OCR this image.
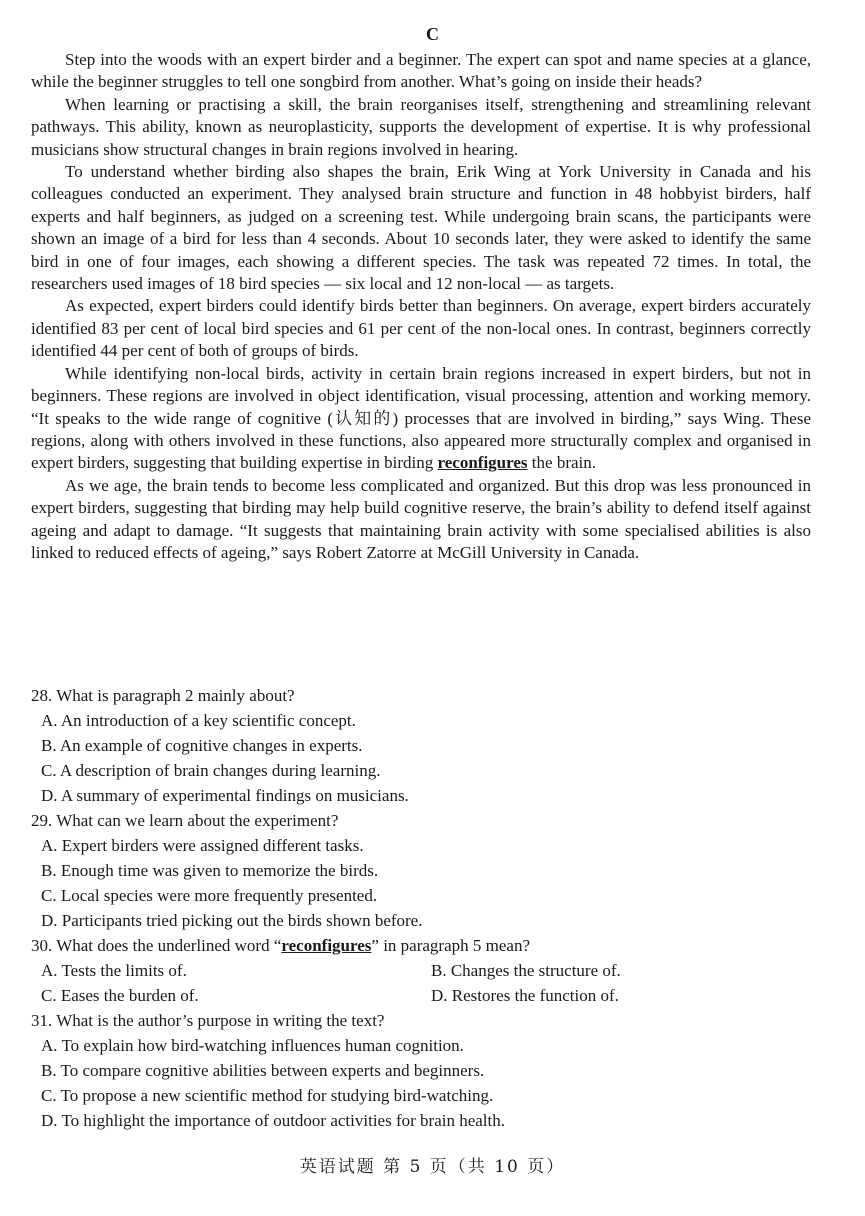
C

Step into the woods with an expert birder and a beginner. The expert can spot and name species at a glance, while the beginner struggles to tell one songbird from another. What’s going on inside their heads?

When learning or practising a skill, the brain reorganises itself, strengthening and streamlining relevant pathways. This ability, known as neuroplasticity, supports the development of expertise. It is why professional musicians show structural changes in brain regions involved in hearing.

To understand whether birding also shapes the brain, Erik Wing at York University in Canada and his colleagues conducted an experiment. They analysed brain structure and function in 48 hobbyist birders, half experts and half beginners, as judged on a screening test. While undergoing brain scans, the participants were shown an image of a bird for less than 4 seconds. About 10 seconds later, they were asked to identify the same bird in one of four images, each showing a different species. The task was repeated 72 times. In total, the researchers used images of 18 bird species — six local and 12 non-local — as targets.

As expected, expert birders could identify birds better than beginners. On average, expert birders accurately identified 83 per cent of local bird species and 61 per cent of the non-local ones. In contrast, beginners correctly identified 44 per cent of both of groups of birds.

While identifying non-local birds, activity in certain brain regions increased in expert birders, but not in beginners. These regions are involved in object identification, visual processing, attention and working memory. “It speaks to the wide range of cognitive (认知的) processes that are involved in birding,” says Wing. These regions, along with others involved in these functions, also appeared more structurally complex and organised in expert birders, suggesting that building expertise in birding reconfigures the brain.

As we age, the brain tends to become less complicated and organized. But this drop was less pronounced in expert birders, suggesting that birding may help build cognitive reserve, the brain’s ability to defend itself against ageing and adapt to damage. “It suggests that maintaining brain activity with some specialised abilities is also linked to reduced effects of ageing,” says Robert Zatorre at McGill University in Canada.

28. What is paragraph 2 mainly about?

A. An introduction of a key scientific concept.

B. An example of cognitive changes in experts.

C. A description of brain changes during learning.

D. A summary of experimental findings on musicians.

29. What can we learn about the experiment?

A. Expert birders were assigned different tasks.

B. Enough time was given to memorize the birds.

C. Local species were more frequently presented.

D. Participants tried picking out the birds shown before.

30. What does the underlined word “reconfigures” in paragraph 5 mean?

A. Tests the limits of.	B. Changes the structure of.

C. Eases the burden of.	D. Restores the function of.

31. What is the author’s purpose in writing the text?

A. To explain how bird-watching influences human cognition.

B. To compare cognitive abilities between experts and beginners.

C. To propose a new scientific method for studying bird-watching.

D. To highlight the importance of outdoor activities for brain health.

英语试题 第 5 页（共 10 页）
